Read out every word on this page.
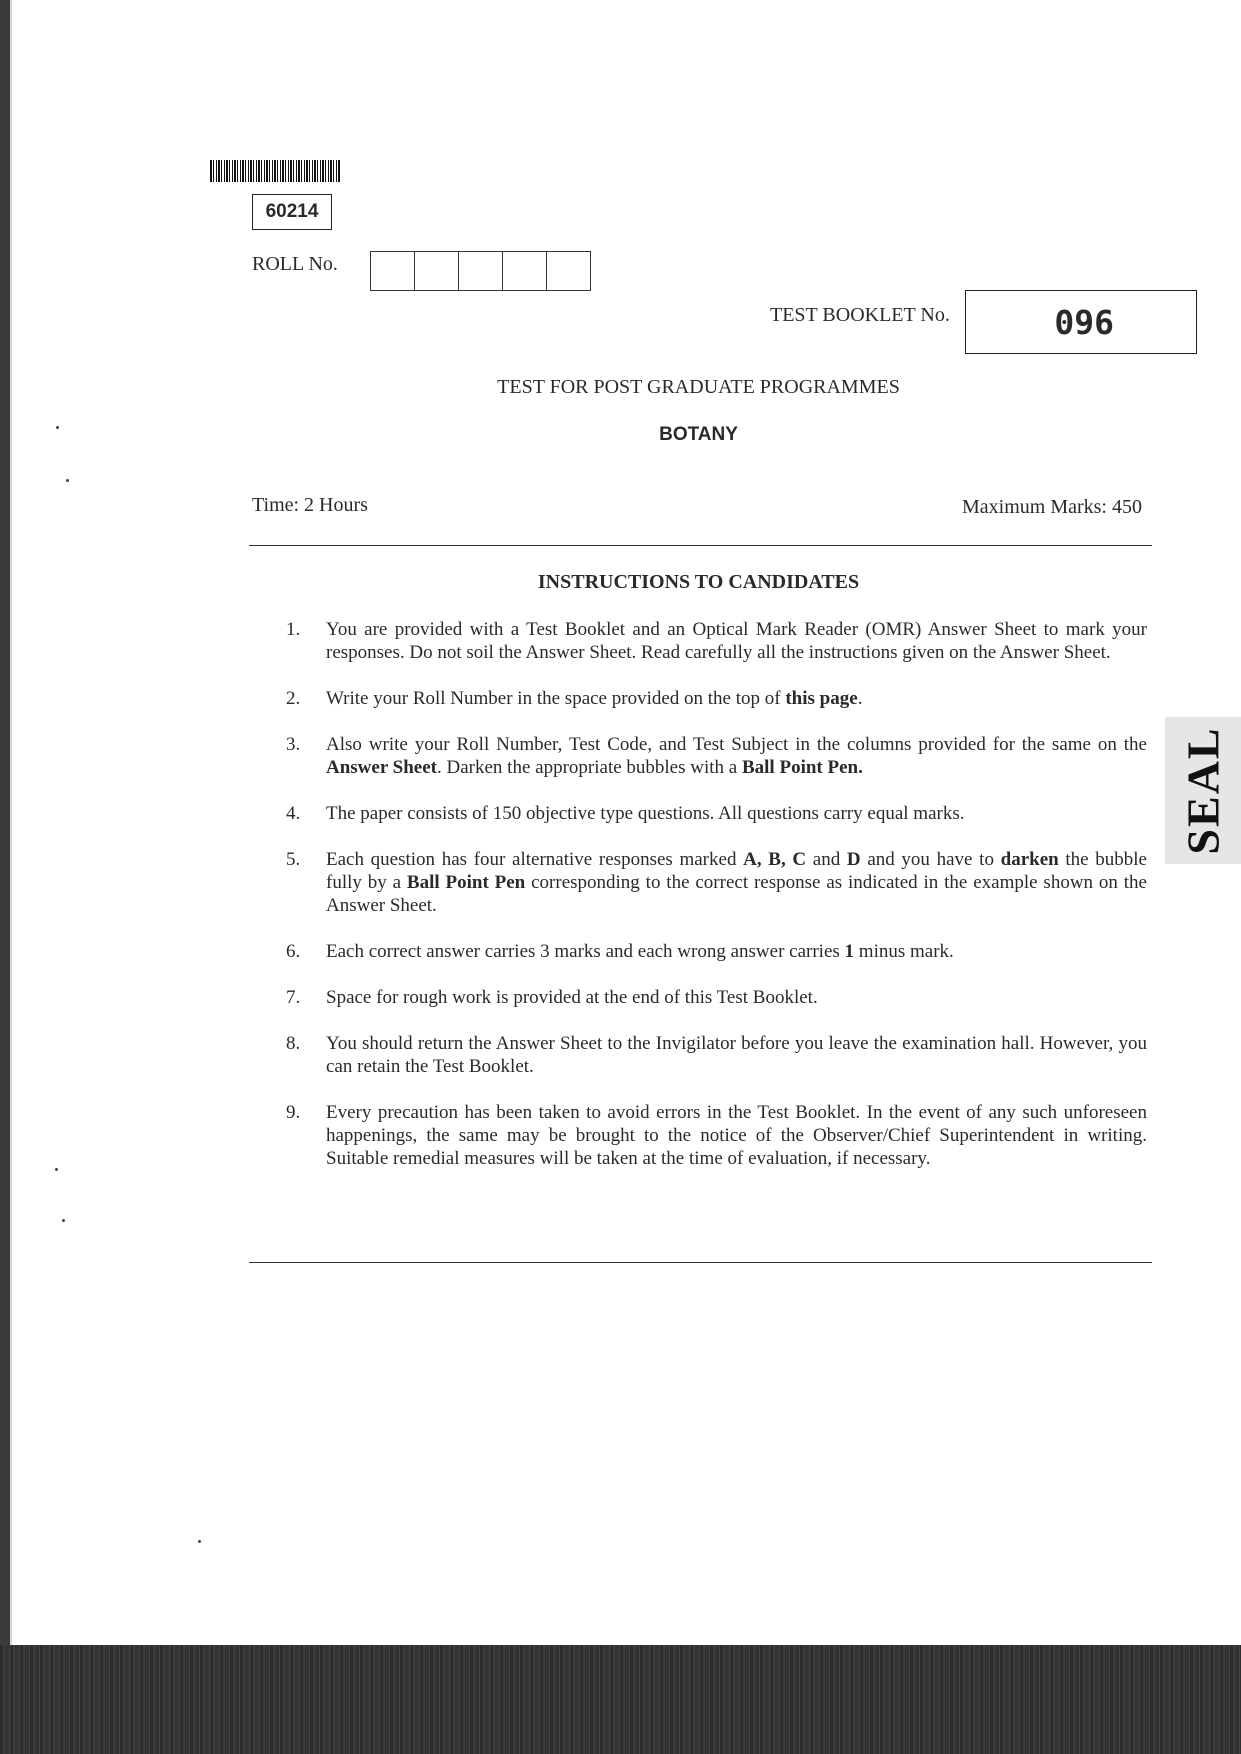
60214
ROLL No.
TEST BOOKLET No.	096
TEST FOR POST GRADUATE PROGRAMMES
BOTANY
Time: 2 Hours	Maximum Marks: 450
INSTRUCTIONS TO CANDIDATES
1.	You are provided with a Test Booklet and an Optical Mark Reader (OMR) Answer Sheet to mark your responses. Do not soil the Answer Sheet. Read carefully all the instructions given on the Answer Sheet.
2.	Write your Roll Number in the space provided on the top of this page.
3.	Also write your Roll Number, Test Code, and Test Subject in the columns provided for the same on the Answer Sheet. Darken the appropriate bubbles with a Ball Point Pen.
4.	The paper consists of 150 objective type questions. All questions carry equal marks.
5.	Each question has four alternative responses marked A, B, C and D and you have to darken the bubble fully by a Ball Point Pen corresponding to the correct response as indicated in the example shown on the Answer Sheet.
6.	Each correct answer carries 3 marks and each wrong answer carries 1 minus mark.
7.	Space for rough work is provided at the end of this Test Booklet.
8.	You should return the Answer Sheet to the Invigilator before you leave the examination hall. However, you can retain the Test Booklet.
9.	Every precaution has been taken to avoid errors in the Test Booklet. In the event of any such unforeseen happenings, the same may be brought to the notice of the Observer/Chief Superintendent in writing. Suitable remedial measures will be taken at the time of evaluation, if necessary.
SEAL
